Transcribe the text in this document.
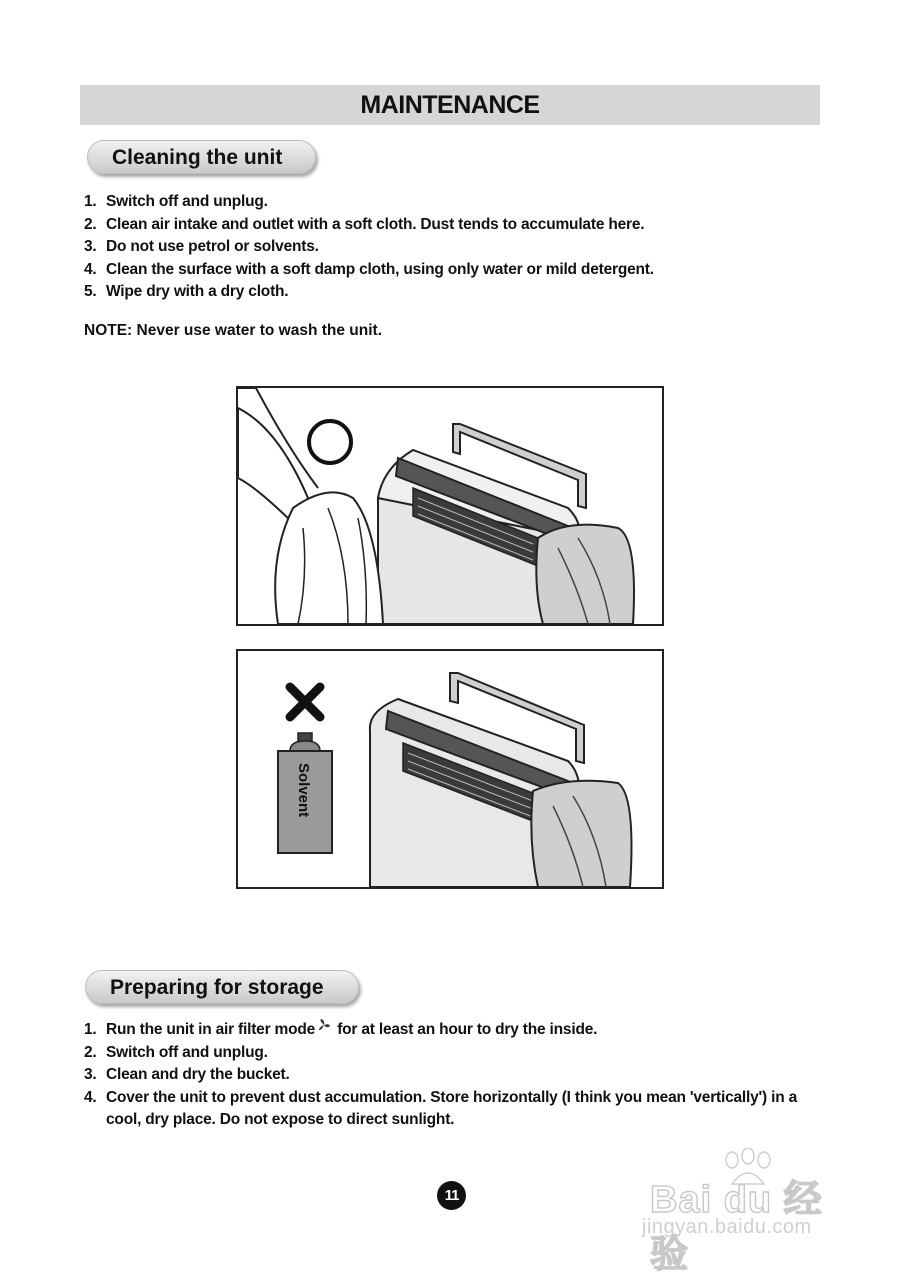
MAINTENANCE
Cleaning the unit
1. Switch off and unplug.
2. Clean air intake and outlet with a soft cloth. Dust tends to accumulate here.
3. Do not use petrol or solvents.
4. Clean the surface with a soft damp cloth, using only water or mild detergent.
5. Wipe dry with a dry cloth.
NOTE: Never use water to wash the unit.
Solvent
Preparing for storage
1. Run the unit in air filter mode for at least an hour to dry the inside.
2. Switch off and unplug.
3. Clean and dry the bucket.
4. Cover the unit to prevent dust accumulation. Store horizontally (I think you mean 'vertically') in a cool, dry place. Do not expose to direct sunlight.
11	Bai du 经验
jingyan.baidu.com
